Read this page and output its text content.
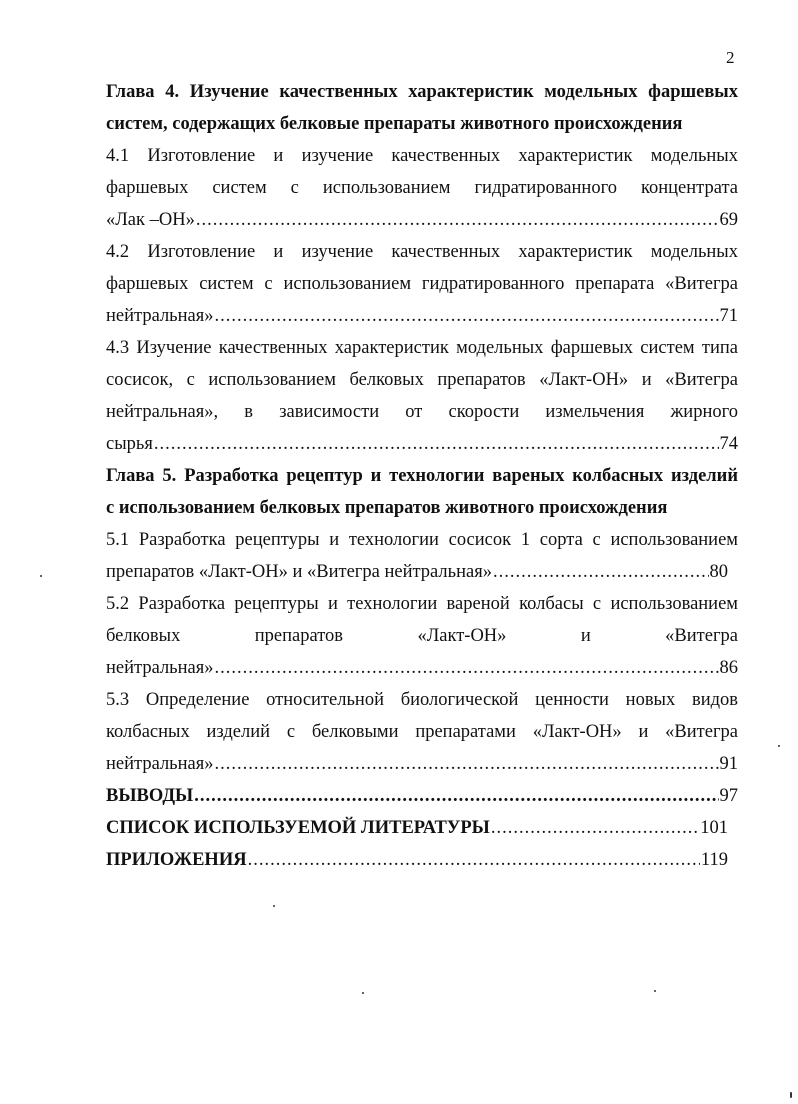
2
Глава 4. Изучение качественных характеристик модельных фаршевых
систем, содержащих белковые препараты животного происхождения
4.1 Изготовление и изучение качественных характеристик модельных
фаршевых систем с использованием гидратированного концентрата
«Лак –ОН» .....	69
4.2 Изготовление и изучение качественных характеристик модельных
фаршевых систем с использованием гидратированного препарата «Витегра
нейтральная» .....	71
4.3 Изучение качественных характеристик модельных фаршевых систем типа
сосисок, с использованием белковых препаратов «Лакт-ОН» и «Витегра
нейтральная», в зависимости от скорости измельчения жирного
сырья .....	74
Глава 5. Разработка рецептур и технологии вареных колбасных изделий
с использованием белковых препаратов животного происхождения
5.1 Разработка рецептуры и технологии сосисок 1 сорта с использованием
препаратов «Лакт-ОН» и «Витегра нейтральная» .....	80
5.2 Разработка рецептуры и технологии вареной колбасы с использованием
белковых препаратов «Лакт-ОН» и «Витегра
нейтральная» .....	86
5.3 Определение относительной биологической ценности новых видов
колбасных изделий с белковыми препаратами «Лакт-ОН» и «Витегра
нейтральная» .....	91
ВЫВОДЫ .....	97
СПИСОК ИСПОЛЬЗУЕМОЙ ЛИТЕРАТУРЫ .....	101
ПРИЛОЖЕНИЯ .....	119
